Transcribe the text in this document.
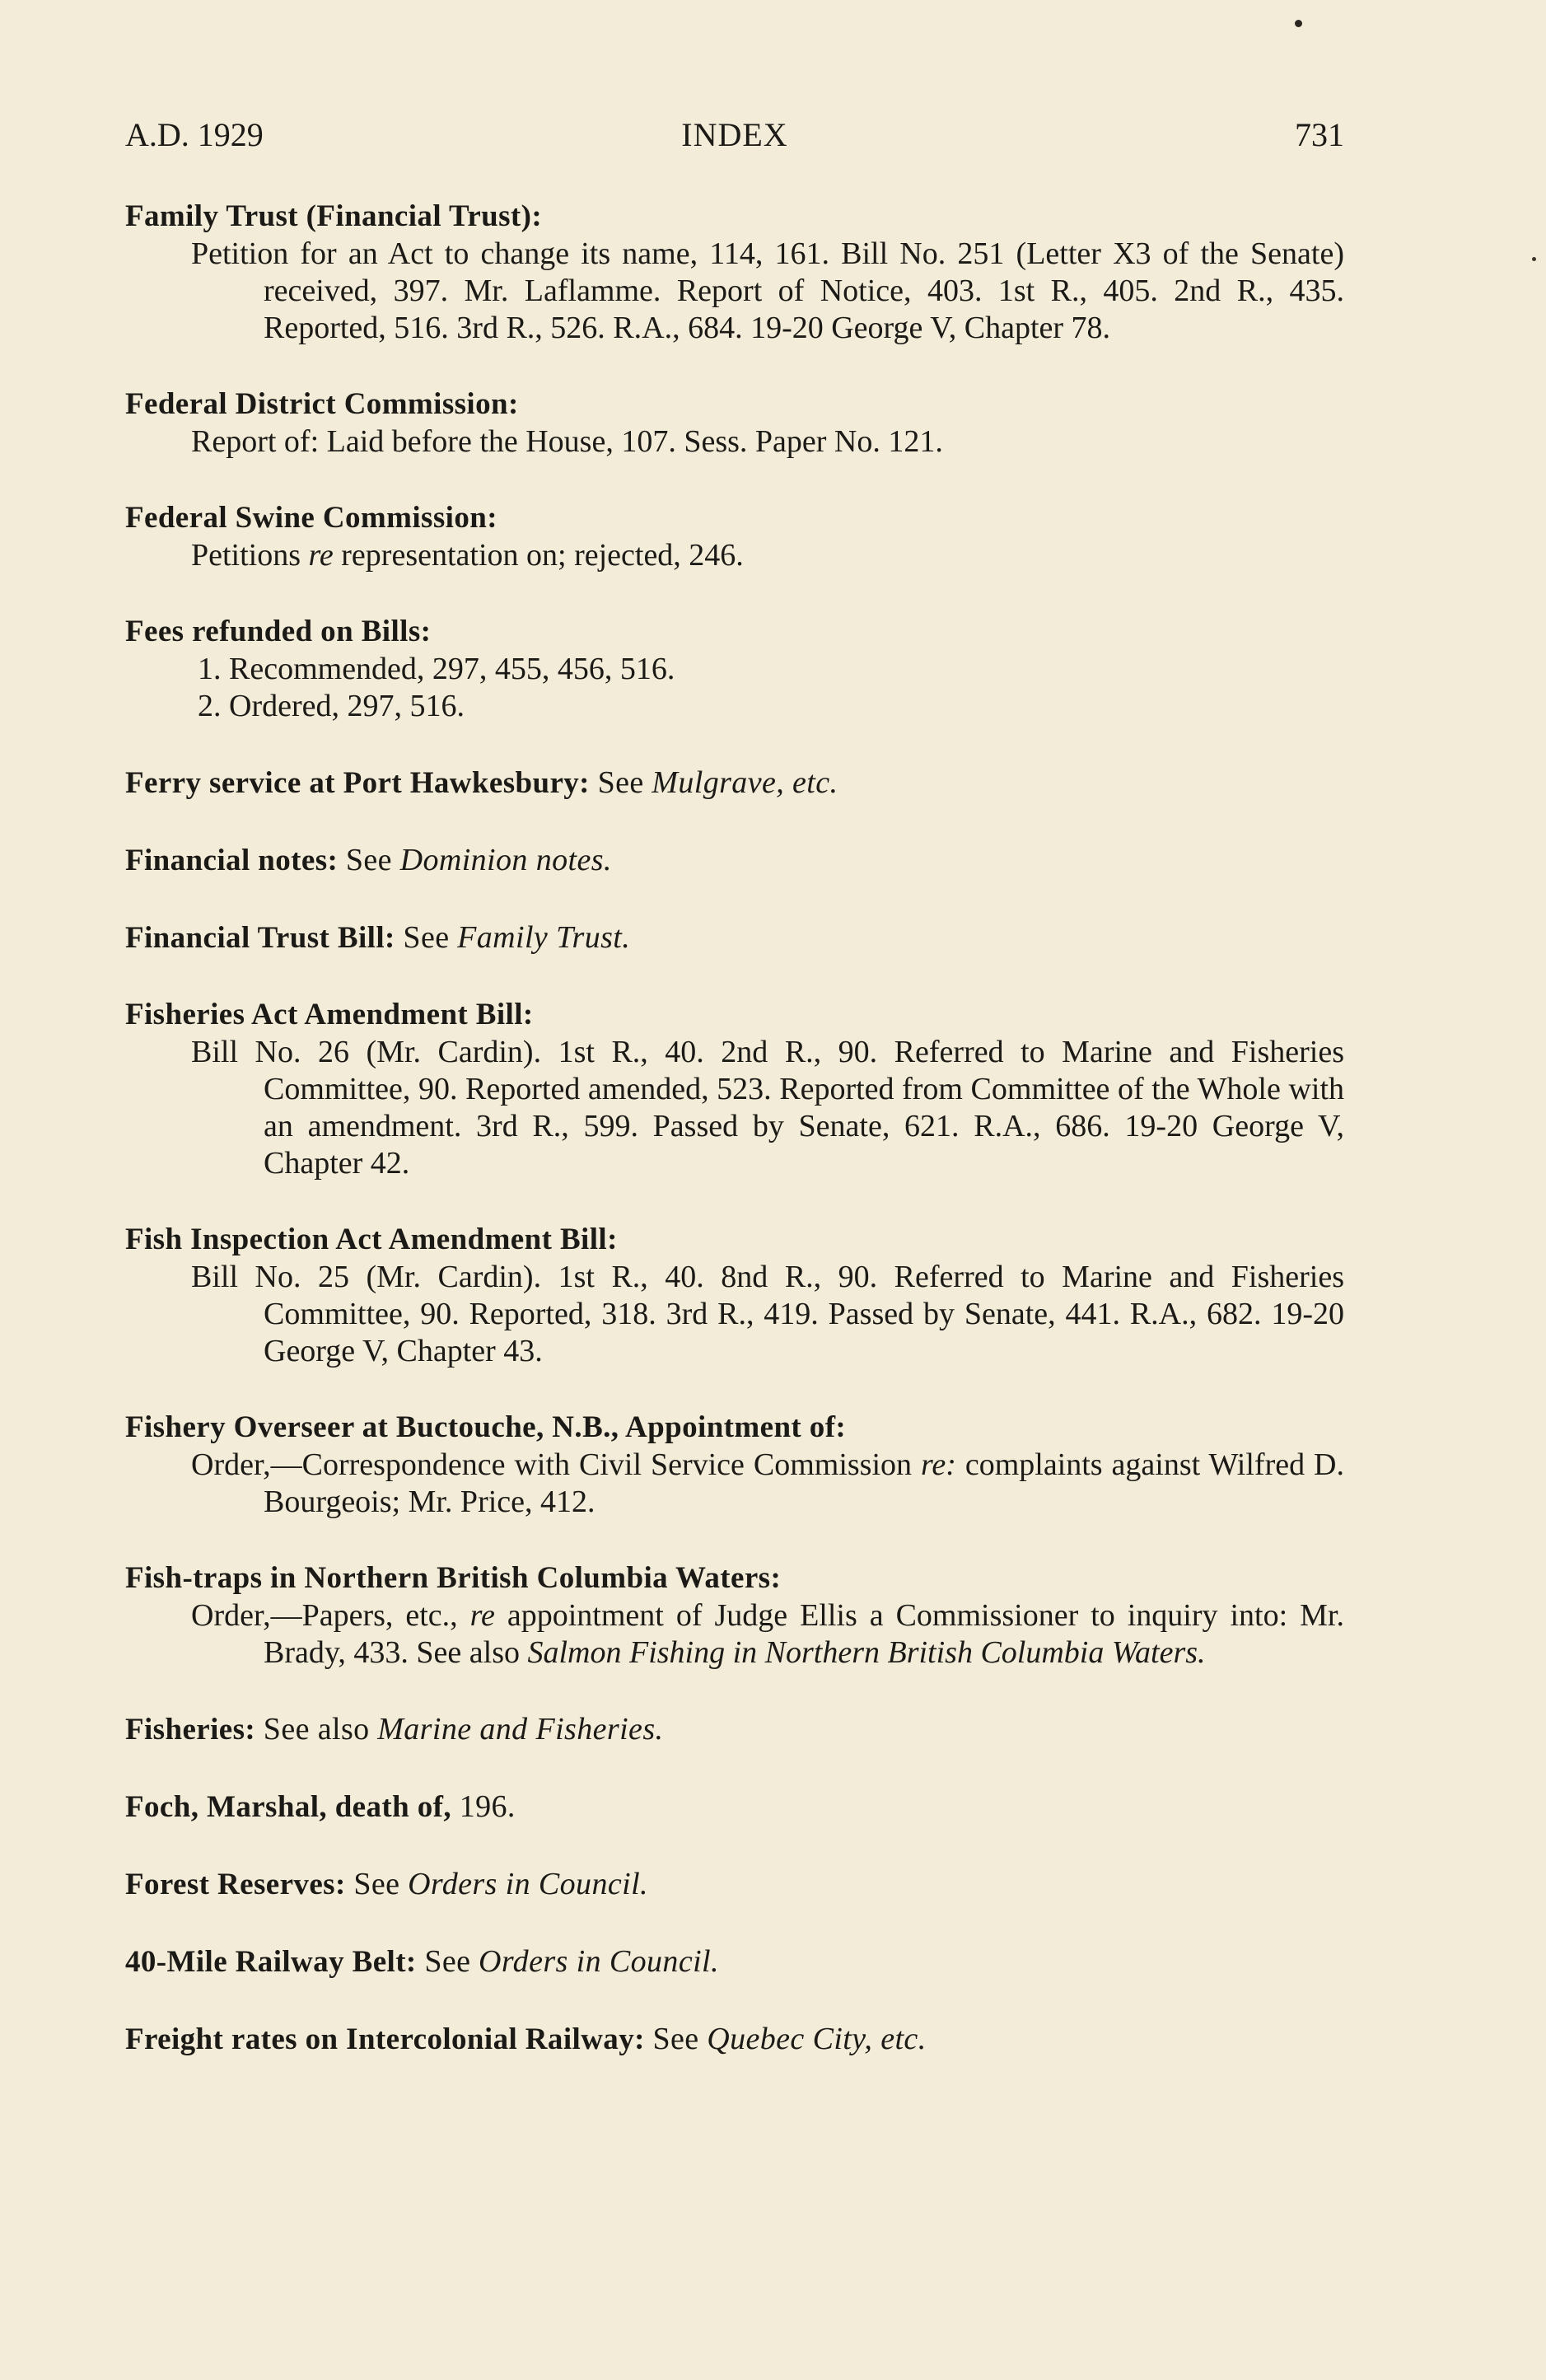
A.D. 1929	INDEX	731
Family Trust (Financial Trust):
Petition for an Act to change its name, 114, 161. Bill No. 251 (Letter X3 of the Senate) received, 397. Mr. Laflamme. Report of Notice, 403. 1st R., 405. 2nd R., 435. Reported, 516. 3rd R., 526. R.A., 684. 19-20 George V, Chapter 78.
Federal District Commission:
Report of: Laid before the House, 107. Sess. Paper No. 121.
Federal Swine Commission:
Petitions re representation on; rejected, 246.
Fees refunded on Bills:
1. Recommended, 297, 455, 456, 516.
2. Ordered, 297, 516.
Ferry service at Port Hawkesbury: See Mulgrave, etc.
Financial notes: See Dominion notes.
Financial Trust Bill: See Family Trust.
Fisheries Act Amendment Bill:
Bill No. 26 (Mr. Cardin). 1st R., 40. 2nd R., 90. Referred to Marine and Fisheries Committee, 90. Reported amended, 523. Reported from Committee of the Whole with an amendment. 3rd R., 599. Passed by Senate, 621. R.A., 686. 19-20 George V, Chapter 42.
Fish Inspection Act Amendment Bill:
Bill No. 25 (Mr. Cardin). 1st R., 40. 8nd R., 90. Referred to Marine and Fisheries Committee, 90. Reported, 318. 3rd R., 419. Passed by Senate, 441. R.A., 682. 19-20 George V, Chapter 43.
Fishery Overseer at Buctouche, N.B., Appointment of:
Order,—Correspondence with Civil Service Commission re: complaints against Wilfred D. Bourgeois; Mr. Price, 412.
Fish-traps in Northern British Columbia Waters:
Order,—Papers, etc., re appointment of Judge Ellis a Commissioner to inquiry into: Mr. Brady, 433. See also Salmon Fishing in Northern British Columbia Waters.
Fisheries: See also Marine and Fisheries.
Foch, Marshal, death of, 196.
Forest Reserves: See Orders in Council.
40-Mile Railway Belt: See Orders in Council.
Freight rates on Intercolonial Railway: See Quebec City, etc.
